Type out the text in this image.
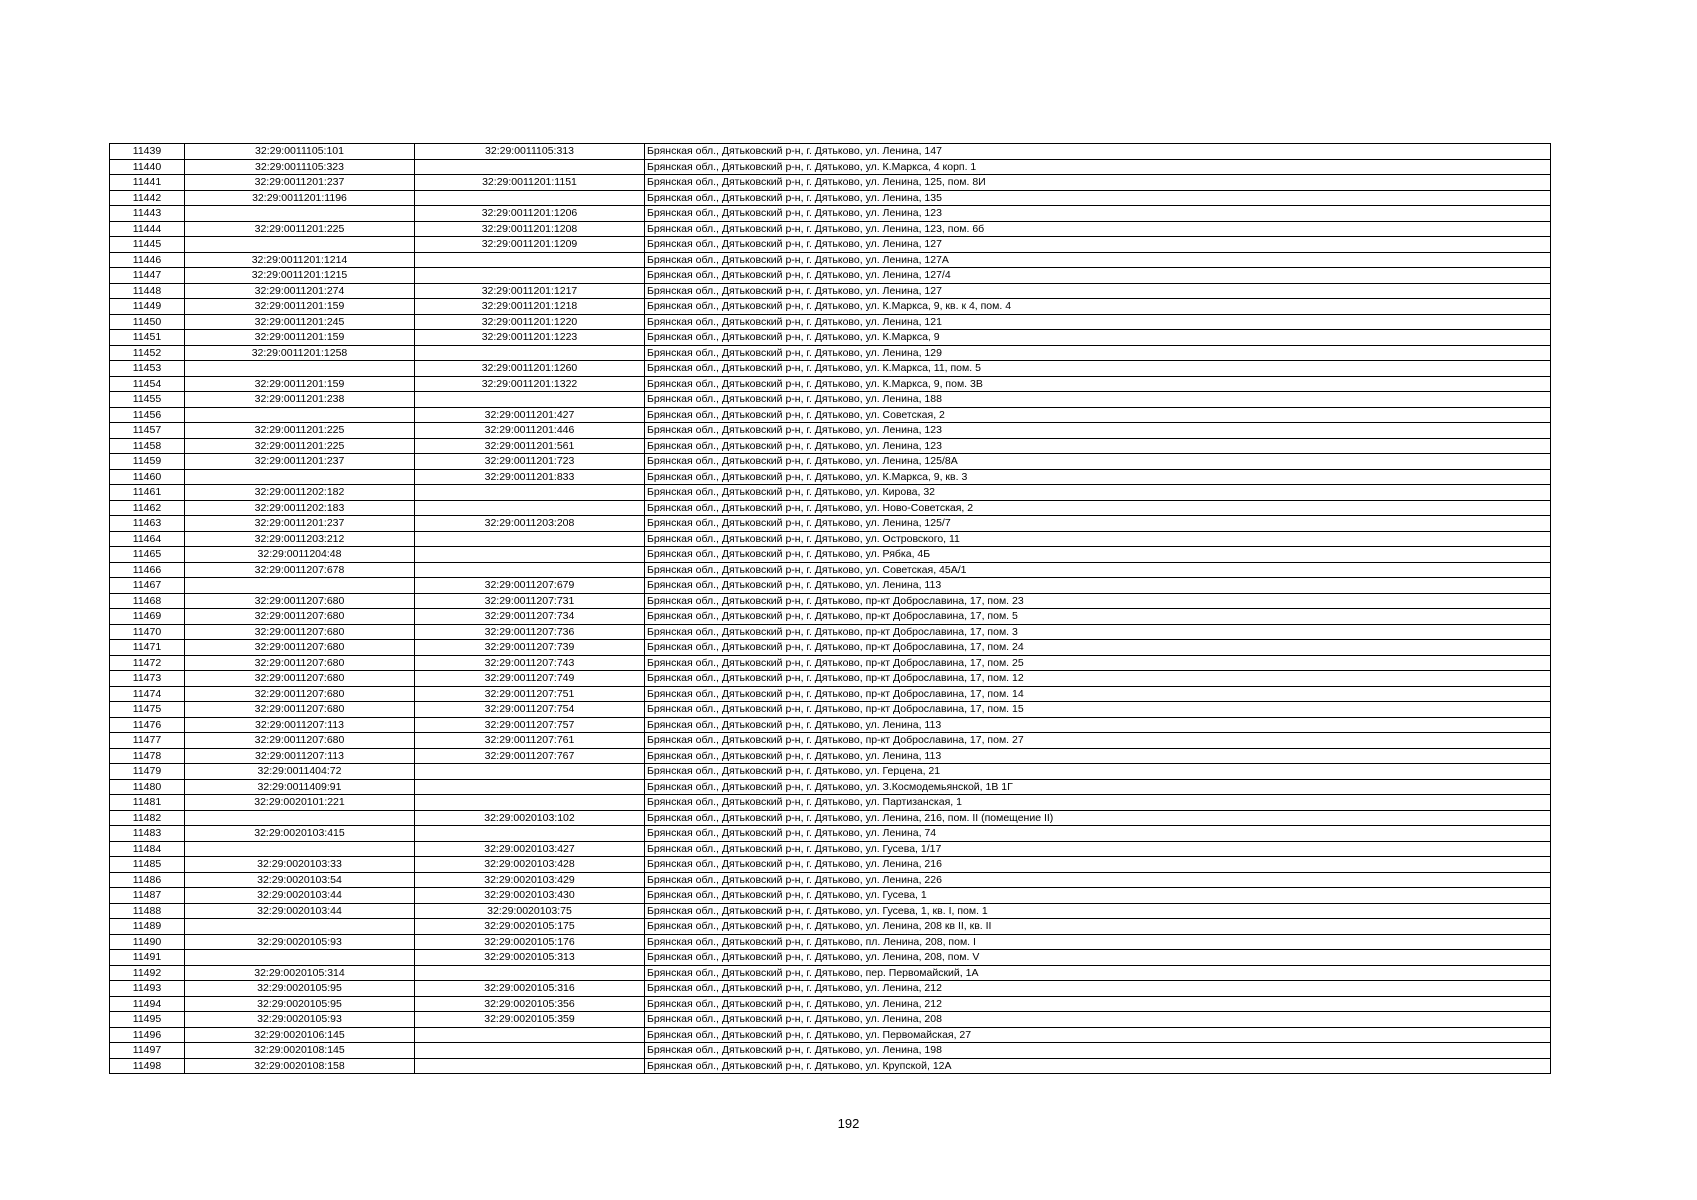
11439	32:29:0011105:101	32:29:0011105:313	Брянская обл., Дятьковский р-н, г. Дятьково, ул. Ленина, 147
11440	32:29:0011105:323		Брянская обл., Дятьковский р-н, г. Дятьково, ул. К.Маркса, 4 корп. 1
11441	32:29:0011201:237	32:29:0011201:1151	Брянская обл., Дятьковский р-н, г. Дятьково, ул. Ленина, 125, пом. 8И
11442	32:29:0011201:1196		Брянская обл., Дятьковский р-н, г. Дятьково, ул. Ленина, 135
11443		32:29:0011201:1206	Брянская обл., Дятьковский р-н, г. Дятьково, ул. Ленина, 123
11444	32:29:0011201:225	32:29:0011201:1208	Брянская обл., Дятьковский р-н, г. Дятьково, ул. Ленина, 123, пом. 6б
11445		32:29:0011201:1209	Брянская обл., Дятьковский р-н, г. Дятьково, ул. Ленина, 127
11446	32:29:0011201:1214		Брянская обл., Дятьковский р-н, г. Дятьково, ул. Ленина, 127А
11447	32:29:0011201:1215		Брянская обл., Дятьковский р-н, г. Дятьково, ул. Ленина, 127/4
11448	32:29:0011201:274	32:29:0011201:1217	Брянская обл., Дятьковский р-н, г. Дятьково, ул. Ленина, 127
11449	32:29:0011201:159	32:29:0011201:1218	Брянская обл., Дятьковский р-н, г. Дятьково, ул. К.Маркса, 9, кв. к 4, пом. 4
11450	32:29:0011201:245	32:29:0011201:1220	Брянская обл., Дятьковский р-н, г. Дятьково, ул. Ленина, 121
11451	32:29:0011201:159	32:29:0011201:1223	Брянская обл., Дятьковский р-н, г. Дятьково, ул. К.Маркса, 9
11452	32:29:0011201:1258		Брянская обл., Дятьковский р-н, г. Дятьково, ул. Ленина, 129
11453		32:29:0011201:1260	Брянская обл., Дятьковский р-н, г. Дятьково, ул. К.Маркса, 11, пом. 5
11454	32:29:0011201:159	32:29:0011201:1322	Брянская обл., Дятьковский р-н, г. Дятьково, ул. К.Маркса, 9, пом. 3В
11455	32:29:0011201:238		Брянская обл., Дятьковский р-н, г. Дятьково, ул. Ленина, 188
11456		32:29:0011201:427	Брянская обл., Дятьковский р-н, г. Дятьково, ул. Советская, 2
11457	32:29:0011201:225	32:29:0011201:446	Брянская обл., Дятьковский р-н, г. Дятьково, ул. Ленина, 123
11458	32:29:0011201:225	32:29:0011201:561	Брянская обл., Дятьковский р-н, г. Дятьково, ул. Ленина, 123
11459	32:29:0011201:237	32:29:0011201:723	Брянская обл., Дятьковский р-н, г. Дятьково, ул. Ленина, 125/8А
11460		32:29:0011201:833	Брянская обл., Дятьковский р-н, г. Дятьково, ул. К.Маркса, 9, кв. 3
11461	32:29:0011202:182		Брянская обл., Дятьковский р-н, г. Дятьково, ул. Кирова, 32
11462	32:29:0011202:183		Брянская обл., Дятьковский р-н, г. Дятьково, ул. Ново-Советская, 2
11463	32:29:0011201:237	32:29:0011203:208	Брянская обл., Дятьковский р-н, г. Дятьково, ул. Ленина, 125/7
11464	32:29:0011203:212		Брянская обл., Дятьковский р-н, г. Дятьково, ул. Островского, 11
11465	32:29:0011204:48		Брянская обл., Дятьковский р-н, г. Дятьково, ул. Рябка, 4Б
11466	32:29:0011207:678		Брянская обл., Дятьковский р-н, г. Дятьково, ул. Советская, 45А/1
11467		32:29:0011207:679	Брянская обл., Дятьковский р-н, г. Дятьково, ул. Ленина, 113
11468	32:29:0011207:680	32:29:0011207:731	Брянская обл., Дятьковский р-н, г. Дятьково, пр-кт Доброславина, 17, пом. 23
11469	32:29:0011207:680	32:29:0011207:734	Брянская обл., Дятьковский р-н, г. Дятьково, пр-кт Доброславина, 17, пом. 5
11470	32:29:0011207:680	32:29:0011207:736	Брянская обл., Дятьковский р-н, г. Дятьково, пр-кт Доброславина, 17, пом. 3
11471	32:29:0011207:680	32:29:0011207:739	Брянская обл., Дятьковский р-н, г. Дятьково, пр-кт Доброславина, 17, пом. 24
11472	32:29:0011207:680	32:29:0011207:743	Брянская обл., Дятьковский р-н, г. Дятьково, пр-кт Доброславина, 17, пом. 25
11473	32:29:0011207:680	32:29:0011207:749	Брянская обл., Дятьковский р-н, г. Дятьково, пр-кт Доброславина, 17, пом. 12
11474	32:29:0011207:680	32:29:0011207:751	Брянская обл., Дятьковский р-н, г. Дятьково, пр-кт Доброславина, 17, пом. 14
11475	32:29:0011207:680	32:29:0011207:754	Брянская обл., Дятьковский р-н, г. Дятьково, пр-кт Доброславина, 17, пом. 15
11476	32:29:0011207:113	32:29:0011207:757	Брянская обл., Дятьковский р-н, г. Дятьково, ул. Ленина, 113
11477	32:29:0011207:680	32:29:0011207:761	Брянская обл., Дятьковский р-н, г. Дятьково, пр-кт Доброславина, 17, пом. 27
11478	32:29:0011207:113	32:29:0011207:767	Брянская обл., Дятьковский р-н, г. Дятьково, ул. Ленина, 113
11479	32:29:0011404:72		Брянская обл., Дятьковский р-н, г. Дятьково, ул. Герцена, 21
11480	32:29:0011409:91		Брянская обл., Дятьковский р-н, г. Дятьково, ул. З.Космодемьянской, 1В 1Г
11481	32:29:0020101:221		Брянская обл., Дятьковский р-н, г. Дятьково, ул. Партизанская, 1
11482		32:29:0020103:102	Брянская обл., Дятьковский р-н, г. Дятьково, ул. Ленина, 216, пом. II (помещение II)
11483	32:29:0020103:415		Брянская обл., Дятьковский р-н, г. Дятьково, ул. Ленина, 74
11484		32:29:0020103:427	Брянская обл., Дятьковский р-н, г. Дятьково, ул. Гусева, 1/17
11485	32:29:0020103:33	32:29:0020103:428	Брянская обл., Дятьковский р-н, г. Дятьково, ул. Ленина, 216
11486	32:29:0020103:54	32:29:0020103:429	Брянская обл., Дятьковский р-н, г. Дятьково, ул. Ленина, 226
11487	32:29:0020103:44	32:29:0020103:430	Брянская обл., Дятьковский р-н, г. Дятьково, ул. Гусева, 1
11488	32:29:0020103:44	32:29:0020103:75	Брянская обл., Дятьковский р-н, г. Дятьково, ул. Гусева, 1, кв. I, пом. 1
11489		32:29:0020105:175	Брянская обл., Дятьковский р-н, г. Дятьково, ул. Ленина, 208 кв II, кв. II
11490	32:29:0020105:93	32:29:0020105:176	Брянская обл., Дятьковский р-н, г. Дятьково, пл. Ленина, 208, пом. I
11491		32:29:0020105:313	Брянская обл., Дятьковский р-н, г. Дятьково, ул. Ленина, 208, пом. V
11492	32:29:0020105:314		Брянская обл., Дятьковский р-н, г. Дятьково, пер. Первомайский, 1А
11493	32:29:0020105:95	32:29:0020105:316	Брянская обл., Дятьковский р-н, г. Дятьково, ул. Ленина, 212
11494	32:29:0020105:95	32:29:0020105:356	Брянская обл., Дятьковский р-н, г. Дятьково, ул. Ленина, 212
11495	32:29:0020105:93	32:29:0020105:359	Брянская обл., Дятьковский р-н, г. Дятьково, ул. Ленина, 208
11496	32:29:0020106:145		Брянская обл., Дятьковский р-н, г. Дятьково, ул. Первомайская, 27
11497	32:29:0020108:145		Брянская обл., Дятьковский р-н, г. Дятьково, ул. Ленина, 198
11498	32:29:0020108:158		Брянская обл., Дятьковский р-н, г. Дятьково, ул. Крупской, 12А
192
